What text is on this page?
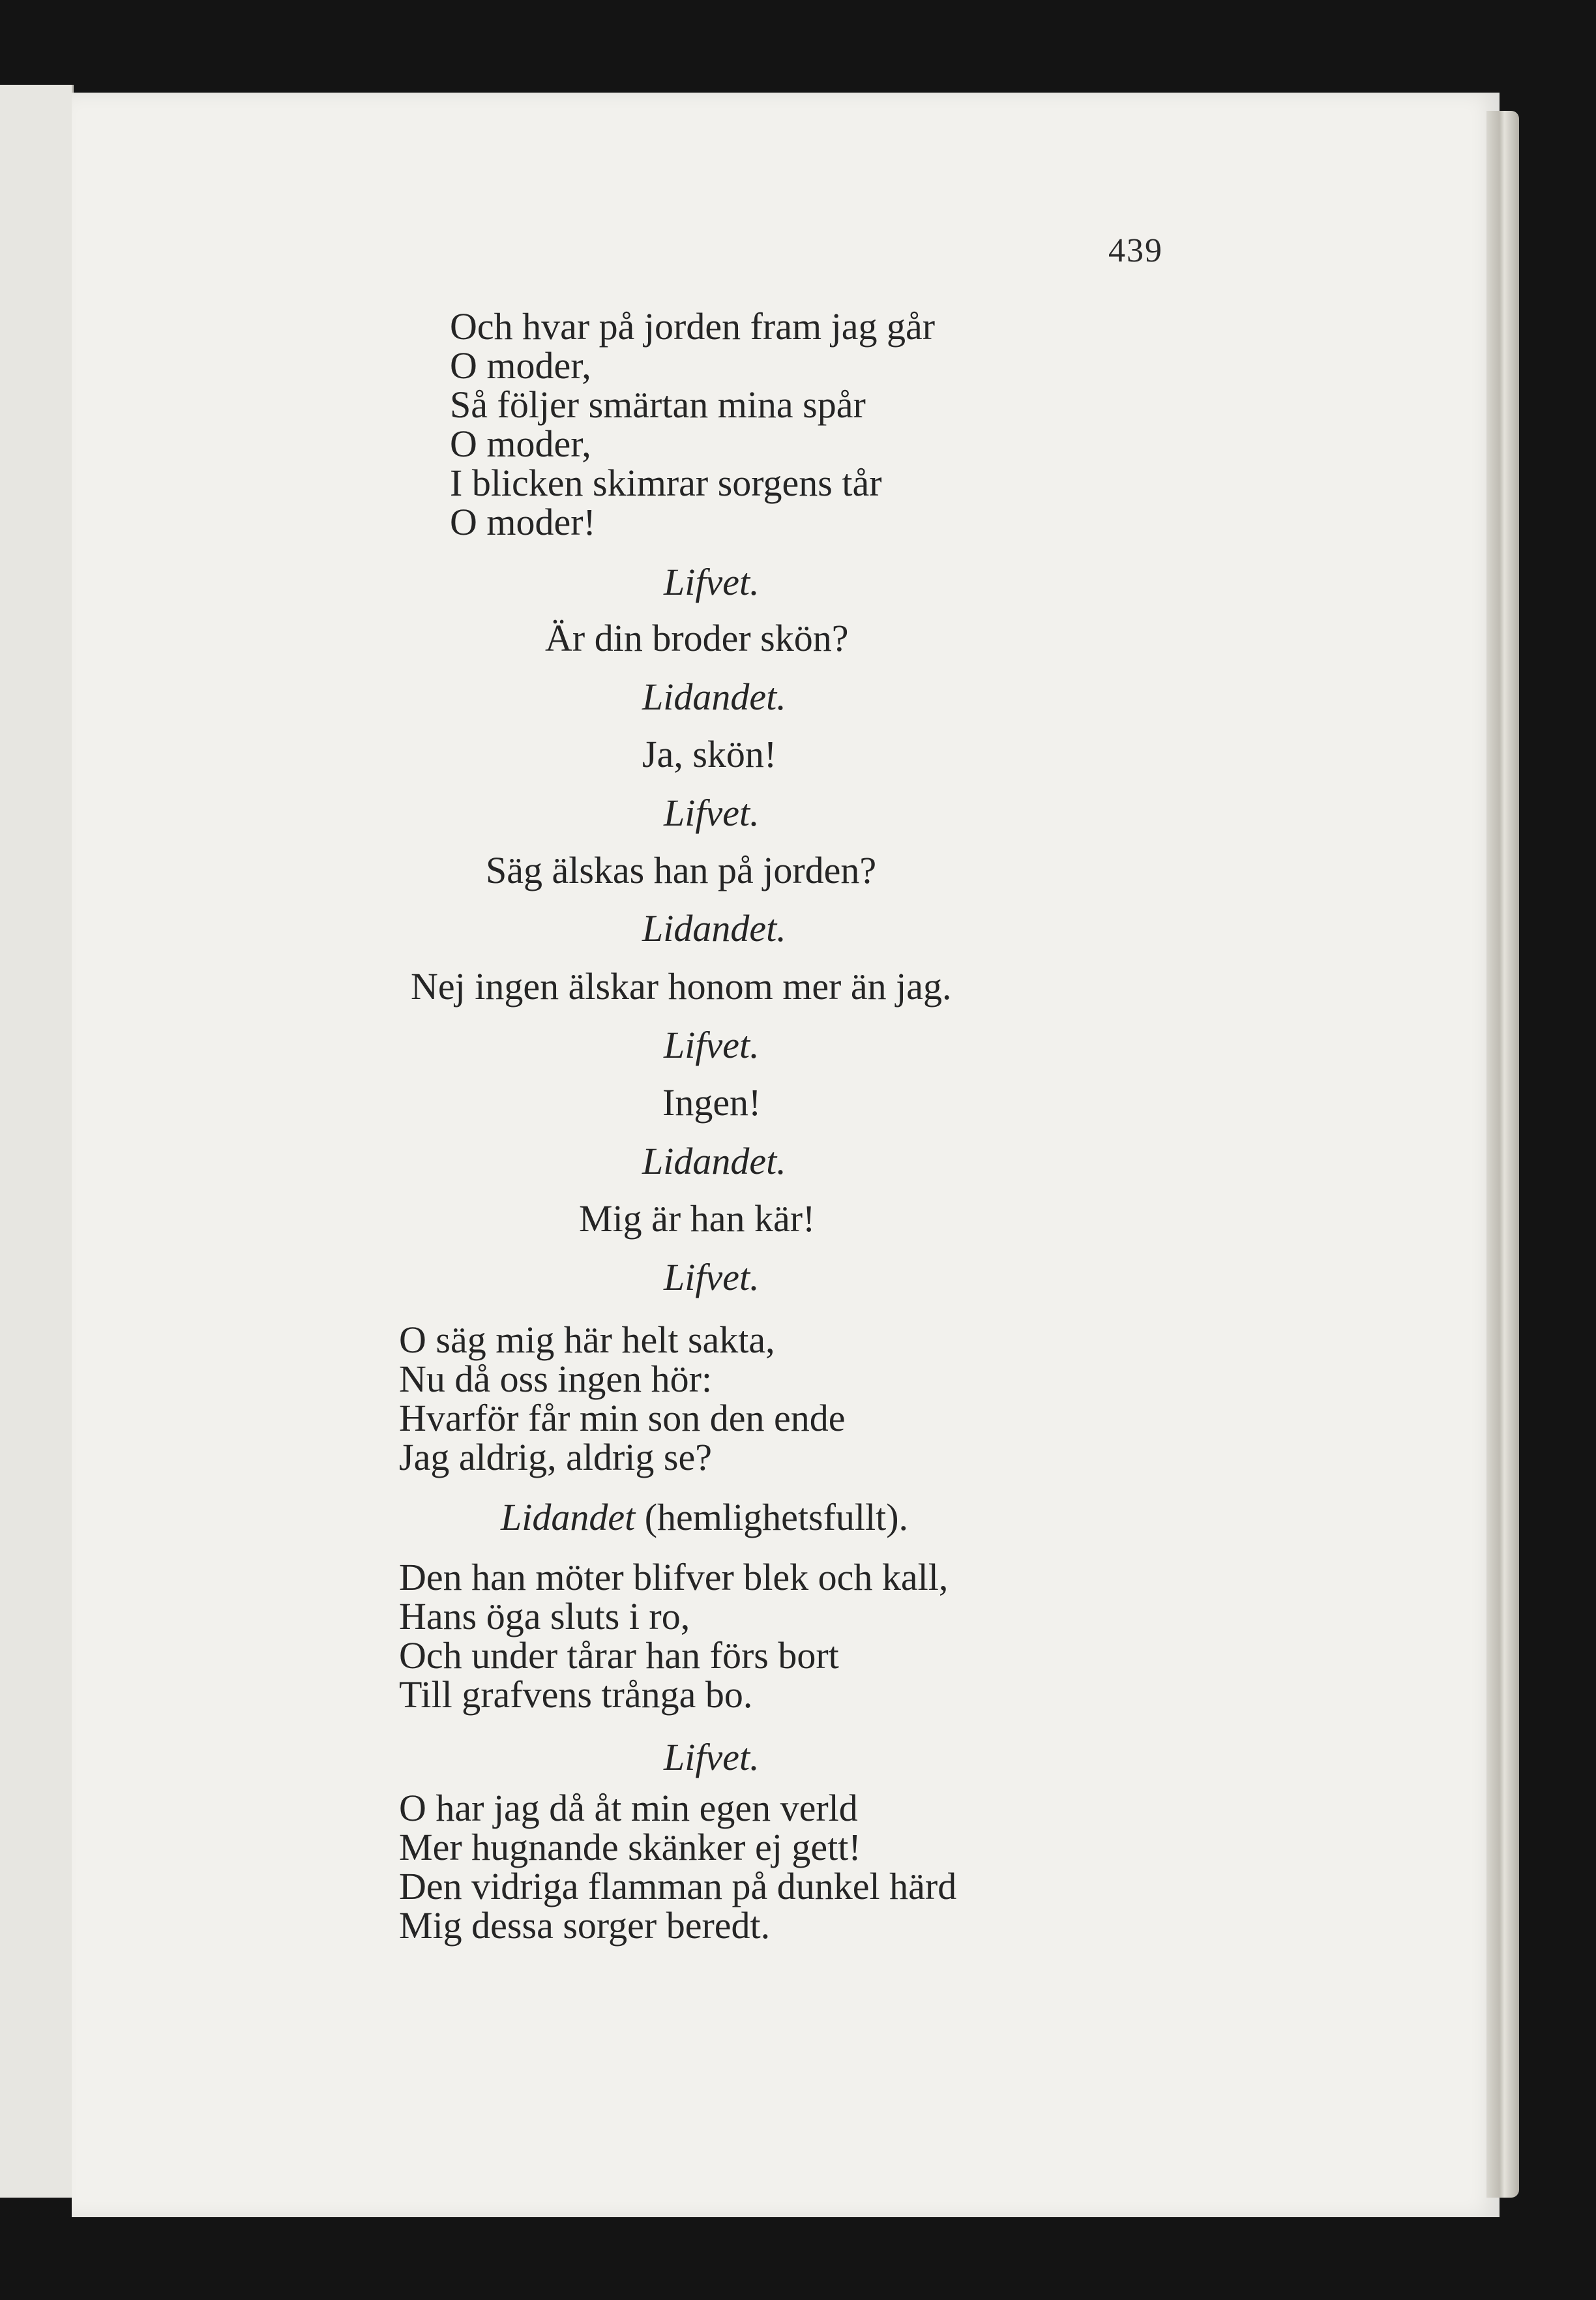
439
Och hvar på jorden fram jag går
O moder,
Så följer smärtan mina spår
O moder,
I blicken skimrar sorgens tår
O moder!
Lifvet.
Är din broder skön?
Lidandet.
Ja, skön!
Lifvet.
Säg älskas han på jorden?
Lidandet.
Nej ingen älskar honom mer än jag.
Lifvet.
Ingen!
Lidandet.
Mig är han kär!
Lifvet.
O säg mig här helt sakta,
Nu då oss ingen hör:
Hvarför får min son den ende
Jag aldrig, aldrig se?
Lidandet (hemlighetsfullt).
Den han möter blifver blek och kall,
Hans öga sluts i ro,
Och under tårar han förs bort
Till grafvens trånga bo.
Lifvet.
O har jag då åt min egen verld
Mer hugnande skänker ej gett!
Den vidriga flamman på dunkel härd
Mig dessa sorger beredt.
